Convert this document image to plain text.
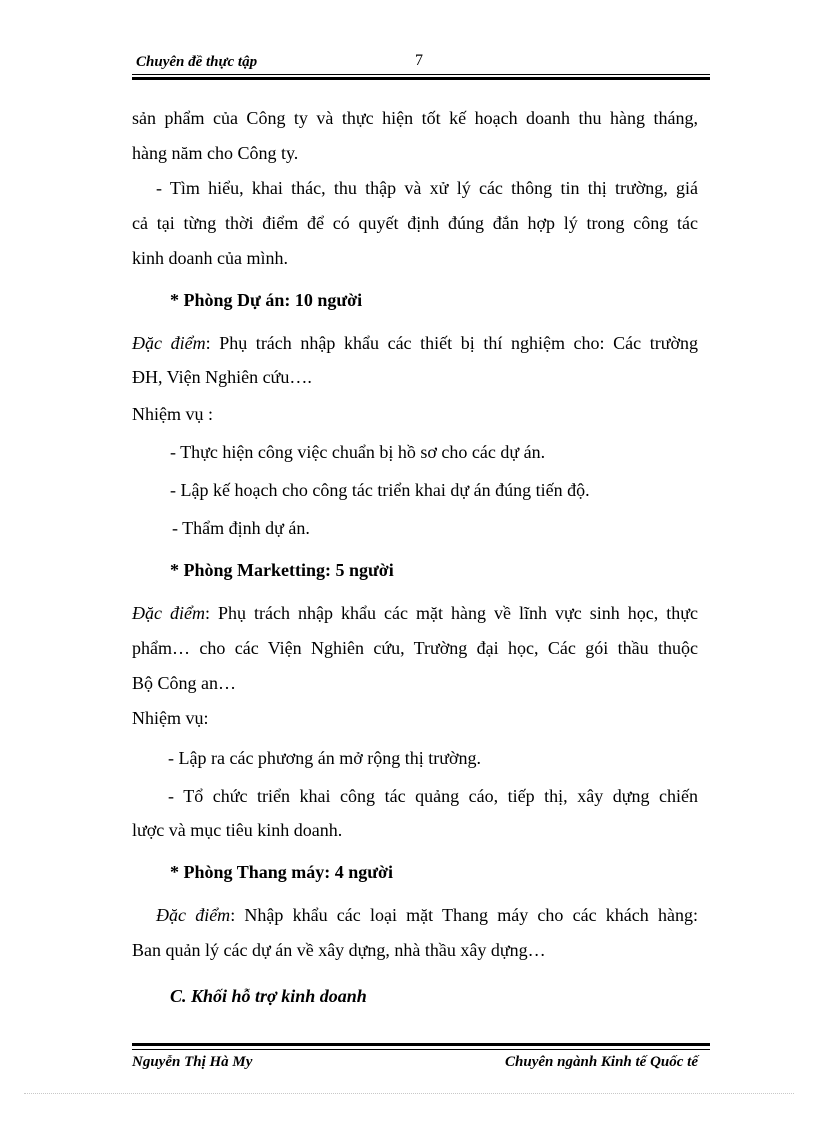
Chuyên đề thực tập	7

sản phẩm của Công ty và thực hiện tốt kế hoạch doanh thu hàng tháng,

hàng năm cho Công ty.

- Tìm hiểu, khai thác, thu thập và xử lý các thông tin thị trường, giá

cả tại từng thời điểm để có quyết định đúng đắn hợp lý trong công tác

kinh doanh của mình.

* Phòng Dự án: 10 người

Đặc điểm: Phụ trách nhập khẩu các thiết bị thí nghiệm cho: Các trường

ĐH, Viện Nghiên cứu….

Nhiệm vụ :

- Thực hiện công việc chuẩn bị hồ sơ cho các dự án.

- Lập kế hoạch cho công tác triển khai dự án đúng tiến độ.

- Thẩm định dự án.

* Phòng Marketting: 5 người

Đặc điểm: Phụ trách nhập khẩu các mặt hàng về lĩnh vực sinh học, thực

phẩm… cho các Viện Nghiên cứu, Trường đại học, Các gói thầu thuộc

Bộ Công an…

Nhiệm vụ:

- Lập ra các phương án mở rộng thị trường.

- Tổ chức triển khai công tác quảng cáo, tiếp thị, xây dựng chiến

lược và mục tiêu kinh doanh.

* Phòng Thang máy: 4 người

Đặc điểm: Nhập khẩu các loại mặt Thang máy cho các khách hàng:

Ban quản lý các dự án về xây dựng, nhà thầu xây dựng…

C. Khối hỗ trợ kinh doanh

Nguyễn Thị Hà My	Chuyên ngành Kinh tế Quốc tế
